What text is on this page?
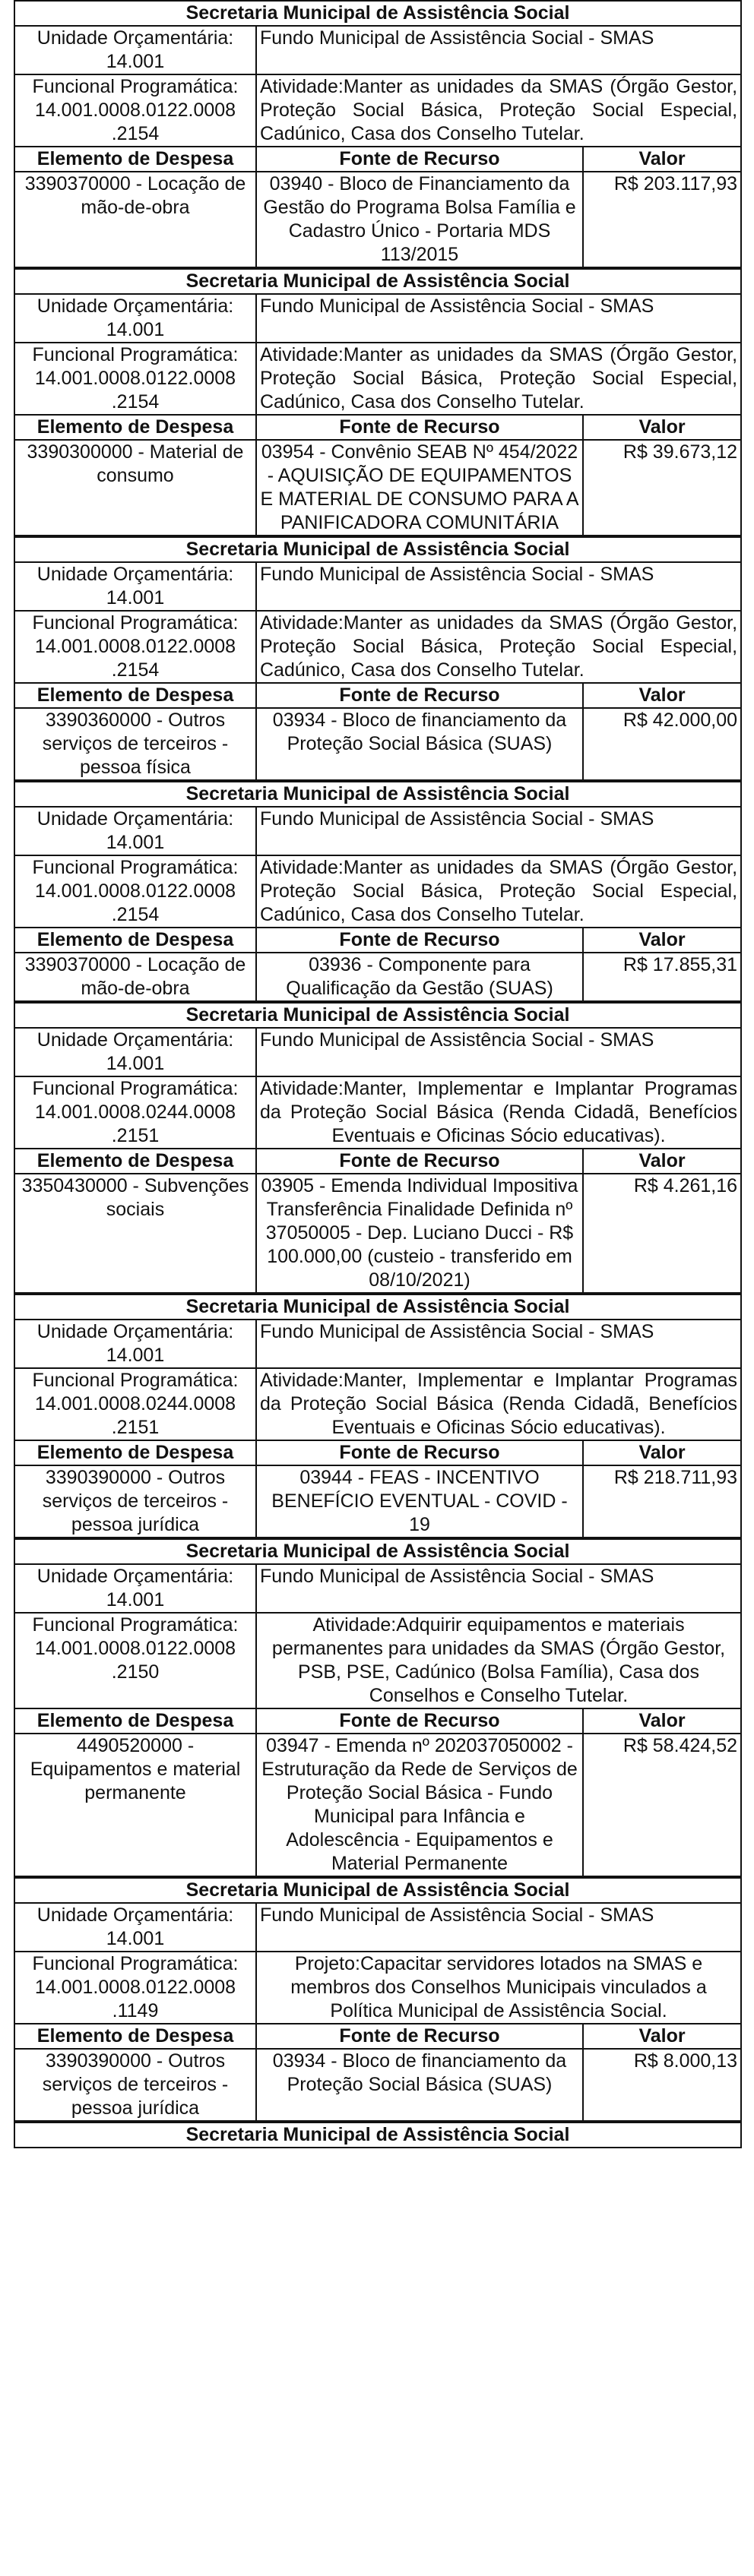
Secretaria Municipal de Assistência Social		
Unidade Orçamentária: 14.001	Fundo Municipal de Assistência Social - SMAS	
Funcional Programática: 14.001.0008.0122.0008 .2154	Atividade:Manter as unidades da SMAS (Órgão Gestor, Proteção Social Básica, Proteção Social Especial, Cadúnico, Casa dos Conselho Tutelar.	
Elemento de Despesa	Fonte de Recurso	Valor
3390370000 - Locação de mão-de-obra	03940 - Bloco de Financiamento da Gestão do Programa Bolsa Família e Cadastro Único - Portaria MDS 113/2015	R$ 203.117,93
Secretaria Municipal de Assistência Social		
Unidade Orçamentária: 14.001	Fundo Municipal de Assistência Social - SMAS	
Funcional Programática: 14.001.0008.0122.0008 .2154	Atividade:Manter as unidades da SMAS (Órgão Gestor, Proteção Social Básica, Proteção Social Especial, Cadúnico, Casa dos Conselho Tutelar.	
Elemento de Despesa	Fonte de Recurso	Valor
3390300000 - Material de consumo	03954 - Convênio SEAB Nº 454/2022 - AQUISIÇÃO DE EQUIPAMENTOS E MATERIAL DE CONSUMO PARA A PANIFICADORA COMUNITÁRIA	R$ 39.673,12
Secretaria Municipal de Assistência Social		
Unidade Orçamentária: 14.001	Fundo Municipal de Assistência Social - SMAS	
Funcional Programática: 14.001.0008.0122.0008 .2154	Atividade:Manter as unidades da SMAS (Órgão Gestor, Proteção Social Básica, Proteção Social Especial, Cadúnico, Casa dos Conselho Tutelar.	
Elemento de Despesa	Fonte de Recurso	Valor
3390360000 - Outros serviços de terceiros - pessoa física	03934 - Bloco de financiamento da Proteção Social Básica (SUAS)	R$ 42.000,00
Secretaria Municipal de Assistência Social		
Unidade Orçamentária: 14.001	Fundo Municipal de Assistência Social - SMAS	
Funcional Programática: 14.001.0008.0122.0008 .2154	Atividade:Manter as unidades da SMAS (Órgão Gestor, Proteção Social Básica, Proteção Social Especial, Cadúnico, Casa dos Conselho Tutelar.	
Elemento de Despesa	Fonte de Recurso	Valor
3390370000 - Locação de mão-de-obra	03936 - Componente para Qualificação da Gestão (SUAS)	R$ 17.855,31
Secretaria Municipal de Assistência Social		
Unidade Orçamentária: 14.001	Fundo Municipal de Assistência Social - SMAS	
Funcional Programática: 14.001.0008.0244.0008 .2151	Atividade:Manter, Implementar e Implantar Programas da Proteção Social Básica (Renda Cidadã, Benefícios Eventuais e Oficinas Sócio educativas).	
Elemento de Despesa	Fonte de Recurso	Valor
3350430000 - Subvenções sociais	03905 - Emenda Individual Impositiva Transferência Finalidade Definida nº 37050005 - Dep. Luciano Ducci - R$ 100.000,00 (custeio - transferido em 08/10/2021)	R$ 4.261,16
Secretaria Municipal de Assistência Social		
Unidade Orçamentária: 14.001	Fundo Municipal de Assistência Social - SMAS	
Funcional Programática: 14.001.0008.0244.0008 .2151	Atividade:Manter, Implementar e Implantar Programas da Proteção Social Básica (Renda Cidadã, Benefícios Eventuais e Oficinas Sócio educativas).	
Elemento de Despesa	Fonte de Recurso	Valor
3390390000 - Outros serviços de terceiros - pessoa jurídica	03944 - FEAS - INCENTIVO BENEFÍCIO EVENTUAL - COVID - 19	R$ 218.711,93
Secretaria Municipal de Assistência Social		
Unidade Orçamentária: 14.001	Fundo Municipal de Assistência Social - SMAS	
Funcional Programática: 14.001.0008.0122.0008 .2150	Atividade:Adquirir equipamentos e materiais permanentes para unidades da SMAS (Órgão Gestor, PSB, PSE, Cadúnico (Bolsa Família), Casa dos Conselhos e Conselho Tutelar.	
Elemento de Despesa	Fonte de Recurso	Valor
4490520000 - Equipamentos e material permanente	03947 - Emenda nº 202037050002 - Estruturação da Rede de Serviços de Proteção Social Básica - Fundo Municipal para Infância e Adolescência - Equipamentos e Material Permanente	R$ 58.424,52
Secretaria Municipal de Assistência Social		
Unidade Orçamentária: 14.001	Fundo Municipal de Assistência Social - SMAS	
Funcional Programática: 14.001.0008.0122.0008 .1149	Projeto:Capacitar servidores lotados na SMAS e membros dos Conselhos Municipais vinculados a Política Municipal de Assistência Social.	
Elemento de Despesa	Fonte de Recurso	Valor
3390390000 - Outros serviços de terceiros - pessoa jurídica	03934 - Bloco de financiamento da Proteção Social Básica (SUAS)	R$ 8.000,13
Secretaria Municipal de Assistência Social
